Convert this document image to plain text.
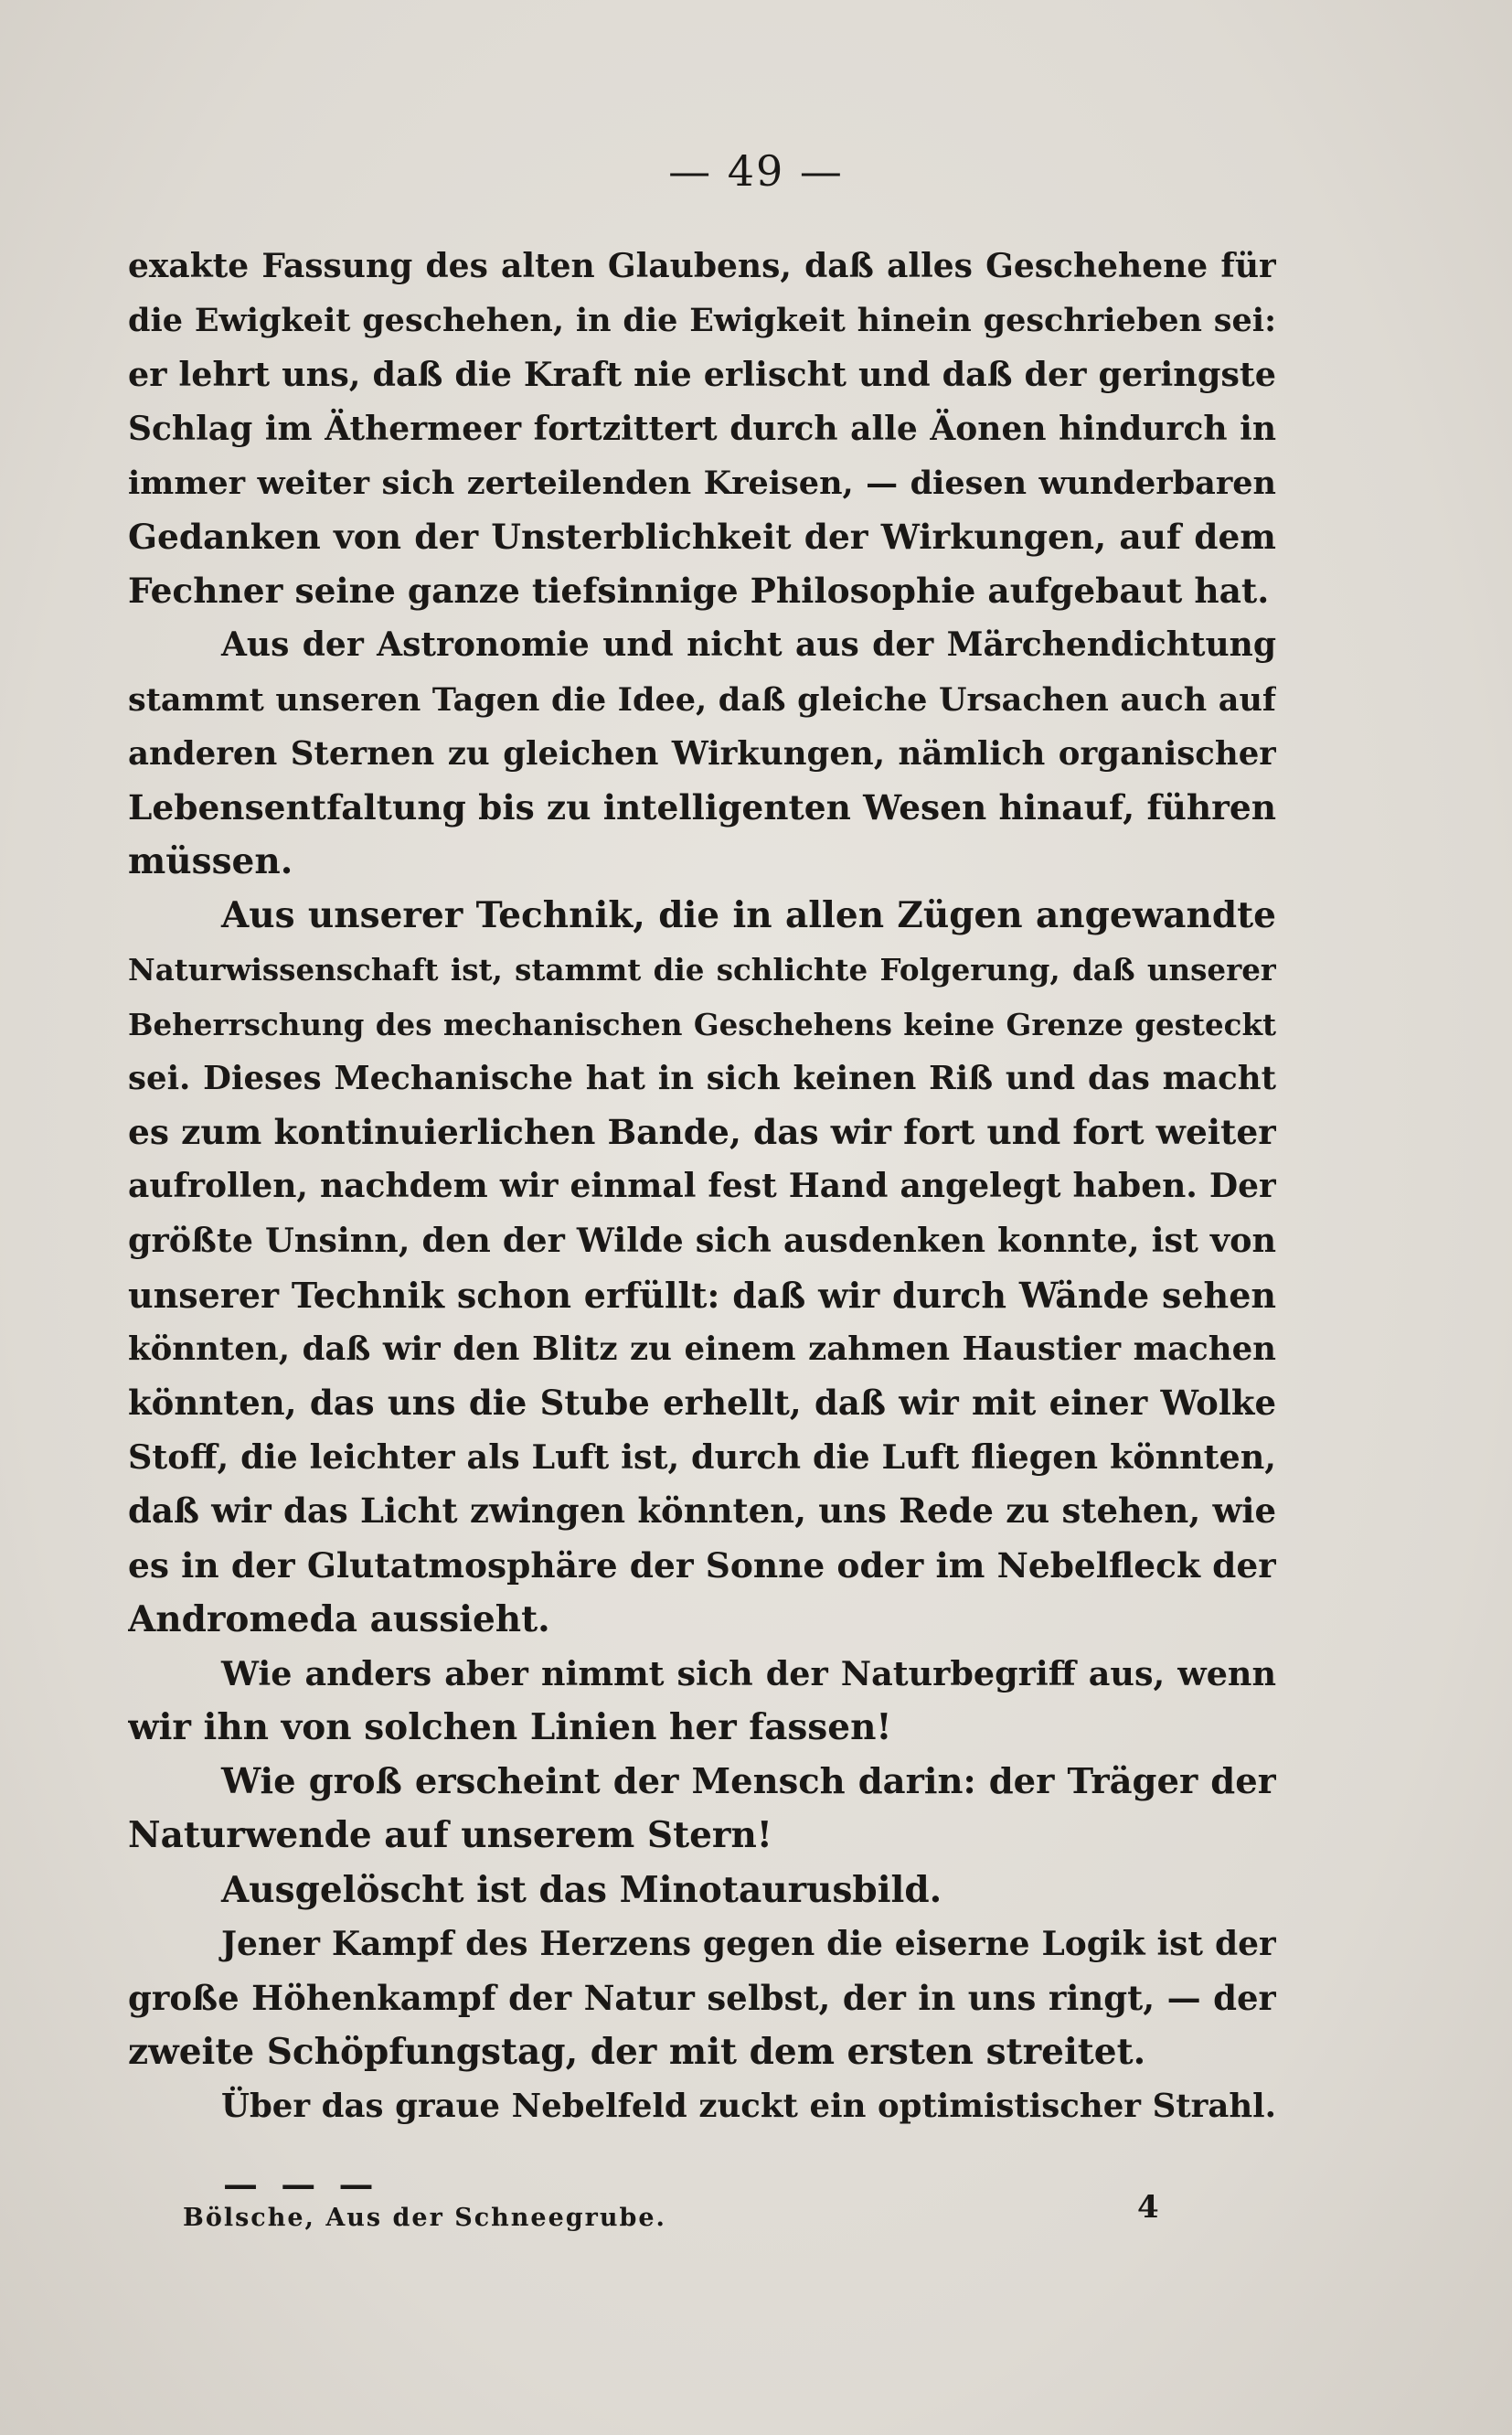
— 49 —
exakte Fassung des alten Glaubens, daß alles Geschehene für
die Ewigkeit geschehen, in die Ewigkeit hinein geschrieben sei:
er lehrt uns, daß die Kraft nie erlischt und daß der geringste
Schlag im Äthermeer fortzittert durch alle Äonen hindurch in
immer weiter sich zerteilenden Kreisen, — diesen wunderbaren
Gedanken von der Unsterblichkeit der Wirkungen, auf dem
Fechner seine ganze tiefsinnige Philosophie aufgebaut hat.
Aus der Astronomie und nicht aus der Märchendichtung
stammt unseren Tagen die Idee, daß gleiche Ursachen auch auf
anderen Sternen zu gleichen Wirkungen, nämlich organischer
Lebensentfaltung bis zu intelligenten Wesen hinauf, führen
müssen.
Aus unserer Technik, die in allen Zügen angewandte
Naturwissenschaft ist, stammt die schlichte Folgerung, daß unserer
Beherrschung des mechanischen Geschehens keine Grenze gesteckt
sei. Dieses Mechanische hat in sich keinen Riß und das macht
es zum kontinuierlichen Bande, das wir fort und fort weiter
aufrollen, nachdem wir einmal fest Hand angelegt haben. Der
größte Unsinn, den der Wilde sich ausdenken konnte, ist von
unserer Technik schon erfüllt: daß wir durch Wände sehen
könnten, daß wir den Blitz zu einem zahmen Haustier machen
könnten, das uns die Stube erhellt, daß wir mit einer Wolke
Stoff, die leichter als Luft ist, durch die Luft fliegen könnten,
daß wir das Licht zwingen könnten, uns Rede zu stehen, wie
es in der Glutatmosphäre der Sonne oder im Nebelfleck der
Andromeda aussieht.
Wie anders aber nimmt sich der Naturbegriff aus, wenn
wir ihn von solchen Linien her fassen!
Wie groß erscheint der Mensch darin: der Träger der
Naturwende auf unserem Stern!
Ausgelöscht ist das Minotaurusbild.
Jener Kampf des Herzens gegen die eiserne Logik ist der
große Höhenkampf der Natur selbst, der in uns ringt, — der
zweite Schöpfungstag, der mit dem ersten streitet.
Über das graue Nebelfeld zuckt ein optimistischer Strahl.
— — —
Bölsche, Aus der Schneegrube.	4
